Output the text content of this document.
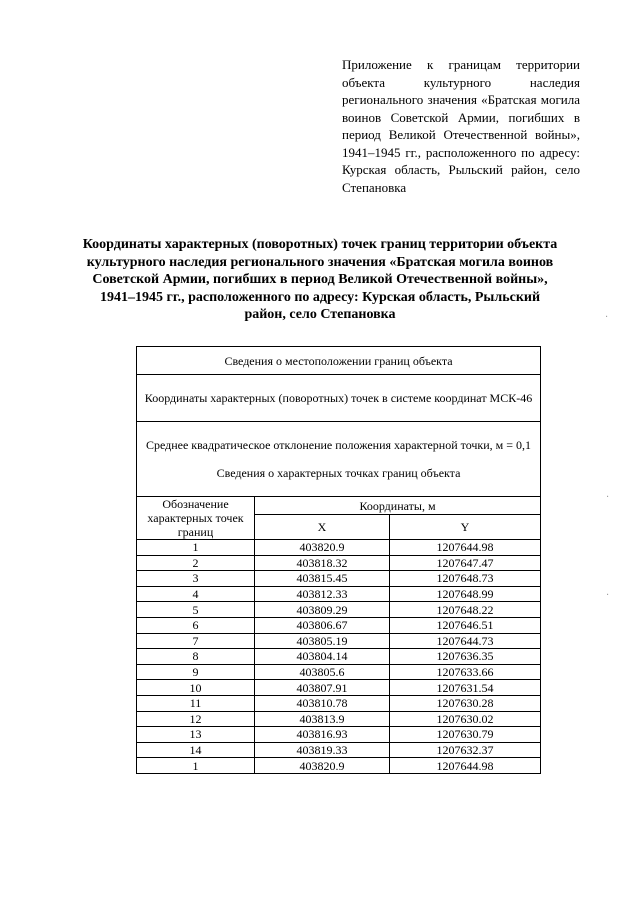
Приложение к границам территории объекта культурного наследия регионального значения «Братская могила воинов Советской Армии, погибших в период Великой Отечественной войны», 1941–1945 гг., расположенного по адресу: Курская область, Рыльский район, село Степановка
Координаты характерных (поворотных) точек границ территории объекта культурного наследия регионального значения «Братская могила воинов Советской Армии, погибших в период Великой Отечественной войны», 1941–1945 гг., расположенного по адресу: Курская область, Рыльский район, село Степановка
Сведения о местоположении границ объекта		
Координаты характерных (поворотных) точек в системе координат МСК-46		

Среднее квадратическое отклонение положения характерной точки, м = 0,1
Сведения о характерных точках границ объекта		

Обозначение характерных точек границ	Координаты, м	
	X	Y
1	403820.9	1207644.98
2	403818.32	1207647.47
3	403815.45	1207648.73
4	403812.33	1207648.99
5	403809.29	1207648.22
6	403806.67	1207646.51
7	403805.19	1207644.73
8	403804.14	1207636.35
9	403805.6	1207633.66
10	403807.91	1207631.54
11	403810.78	1207630.28
12	403813.9	1207630.02
13	403816.93	1207630.79
14	403819.33	1207632.37
1	403820.9	1207644.98
·
·
·
